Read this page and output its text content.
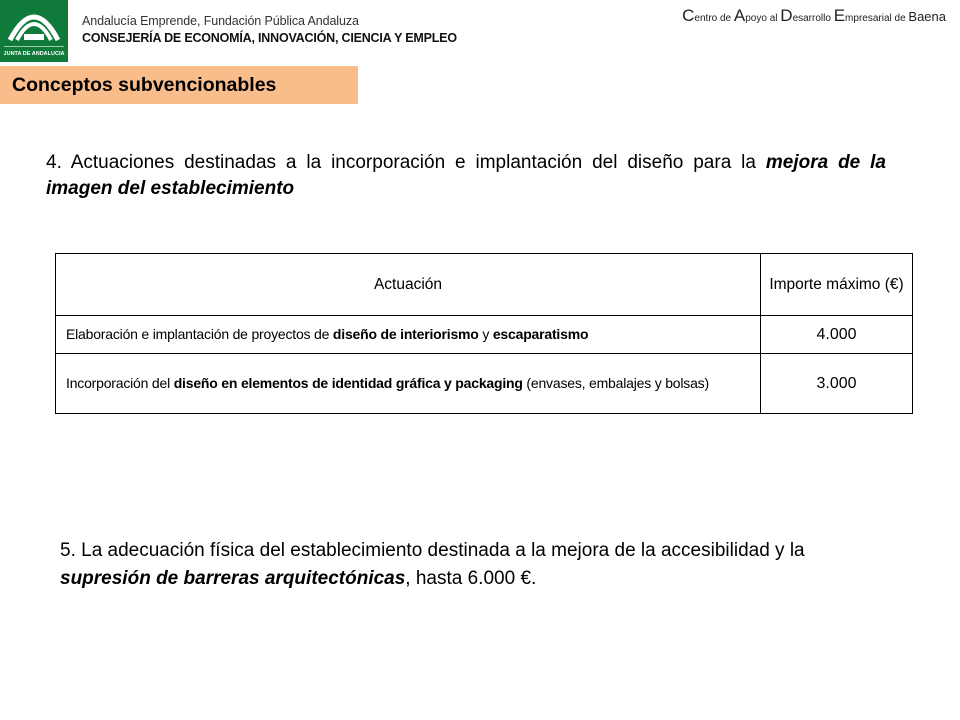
JUNTA DE ANDALUCIA
Andalucía Emprende, Fundación Pública Andaluza
CONSEJERÍA DE ECONOMÍA, INNOVACIÓN, CIENCIA Y EMPLEO
Centro de Apoyo al Desarrollo Empresarial de Baena
Conceptos subvencionables

4. Actuaciones destinadas a la incorporación e implantación del diseño para la mejora de la imagen del establecimiento

Actuación	Importe máximo (€)
Elaboración e implantación de proyectos de diseño de interiorismo y escaparatismo	4.000
Incorporación del diseño en elementos de identidad gráfica y packaging (envases, embalajes y bolsas)	3.000

5. La adecuación física del establecimiento destinada a la mejora de la accesibilidad y la supresión de barreras arquitectónicas, hasta 6.000 €.
